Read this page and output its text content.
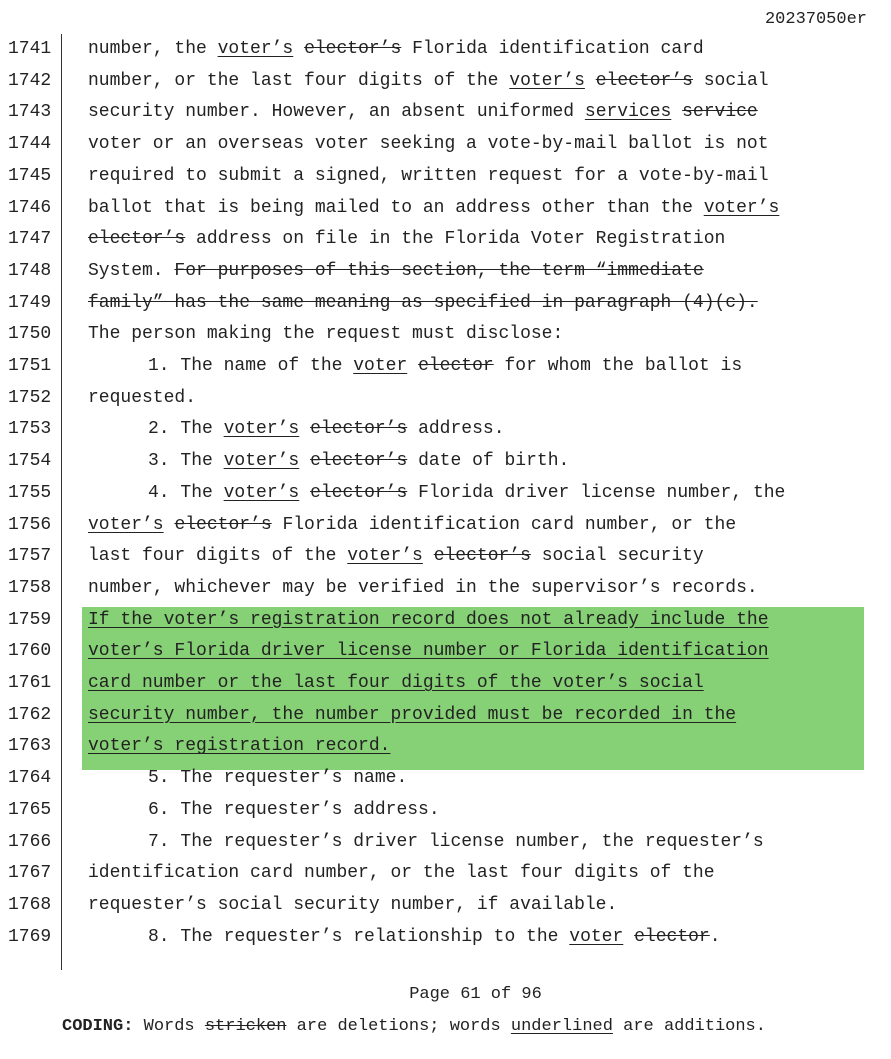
20237050er
1741	number, the voter’s elector’s Florida identification card
1742	number, or the last four digits of the voter’s elector’s social
1743	security number. However, an absent uniformed services service
1744	voter or an overseas voter seeking a vote-by-mail ballot is not
1745	required to submit a signed, written request for a vote-by-mail
1746	ballot that is being mailed to an address other than the voter’s
1747	elector’s address on file in the Florida Voter Registration
1748	System. For purposes of this section, the term “immediate
1749	family” has the same meaning as specified in paragraph (4)(c).
1750	The person making the request must disclose:
1751	1. The name of the voter elector for whom the ballot is
1752	requested.
1753	2. The voter’s elector’s address.
1754	3. The voter’s elector’s date of birth.
1755	4. The voter’s elector’s Florida driver license number, the
1756	voter’s elector’s Florida identification card number, or the
1757	last four digits of the voter’s elector’s social security
1758	number, whichever may be verified in the supervisor’s records.
1759	If the voter’s registration record does not already include the
1760	voter’s Florida driver license number or Florida identification
1761	card number or the last four digits of the voter’s social
1762	security number, the number provided must be recorded in the
1763	voter’s registration record.
1764	5. The requester’s name.
1765	6. The requester’s address.
1766	7. The requester’s driver license number, the requester’s
1767	identification card number, or the last four digits of the
1768	requester’s social security number, if available.
1769	8. The requester’s relationship to the voter elector.
Page 61 of 96
CODING: Words stricken are deletions; words underlined are additions.
